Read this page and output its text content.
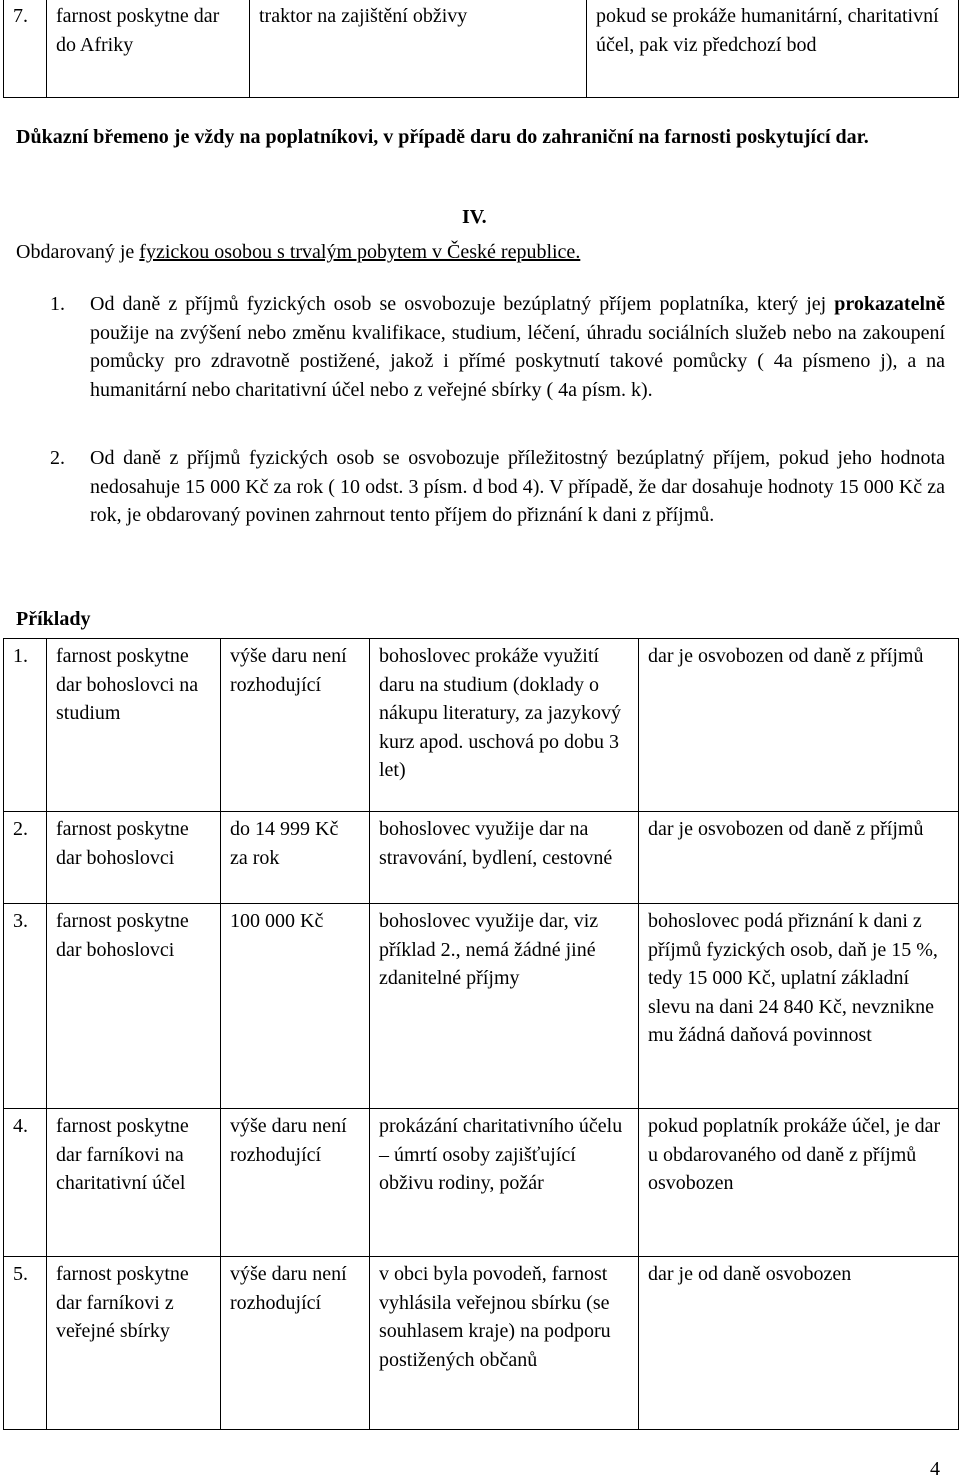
7.	farnost poskytne dar do Afriky	traktor na zajištění obživy	pokud se prokáže humanitární, charitativní účel, pak viz předchozí bod
Důkazní břemeno je vždy na poplatníkovi, v případě daru do zahraniční na farnosti poskytující dar.
IV.
Obdarovaný je fyzickou osobou s trvalým pobytem v České republice.
1. Od daně z příjmů fyzických osob se osvobozuje bezúplatný příjem poplatníka, který jej prokazatelně použije na zvýšení nebo změnu kvalifikace, studium, léčení, úhradu sociálních služeb nebo na zakoupení pomůcky pro zdravotně postižené, jakož i přímé poskytnutí takové pomůcky ( 4a písmeno j), a na humanitární nebo charitativní účel nebo z veřejné sbírky ( 4a písm. k).
2. Od daně z příjmů fyzických osob se osvobozuje příležitostný bezúplatný příjem, pokud jeho hodnota nedosahuje 15 000 Kč za rok ( 10 odst. 3 písm. d bod 4). V případě, že dar dosahuje hodnoty 15 000 Kč za rok, je obdarovaný povinen zahrnout tento příjem do přiznání k dani z příjmů.
Příklady
1.	farnost poskytne dar bohoslovci na studium	výše daru není rozhodující	bohoslovec prokáže využití daru na studium (doklady o nákupu literatury, za jazykový kurz apod. uschová po dobu 3 let)	dar je osvobozen od daně z příjmů
2.	farnost poskytne dar bohoslovci	do 14 999 Kč za rok	bohoslovec využije dar na stravování, bydlení, cestovné	dar je osvobozen od daně z příjmů
3.	farnost poskytne dar bohoslovci	100 000 Kč	bohoslovec využije dar, viz příklad 2., nemá žádné jiné zdanitelné příjmy	bohoslovec podá přiznání k dani z příjmů fyzických osob, daň je 15 %, tedy 15 000 Kč, uplatní základní slevu na dani 24 840 Kč, nevznikne mu žádná daňová povinnost
4.	farnost poskytne dar farníkovi na charitativní účel	výše daru není rozhodující	prokázání charitativního účelu – úmrtí osoby zajišťující obživu rodiny, požár	pokud poplatník prokáže účel, je dar u obdarovaného od daně z příjmů osvobozen
5.	farnost poskytne dar farníkovi z veřejné sbírky	výše daru není rozhodující	v obci byla povodeň, farnost vyhlásila veřejnou sbírku (se souhlasem kraje) na podporu postižených občanů	dar je od daně osvobozen
4
